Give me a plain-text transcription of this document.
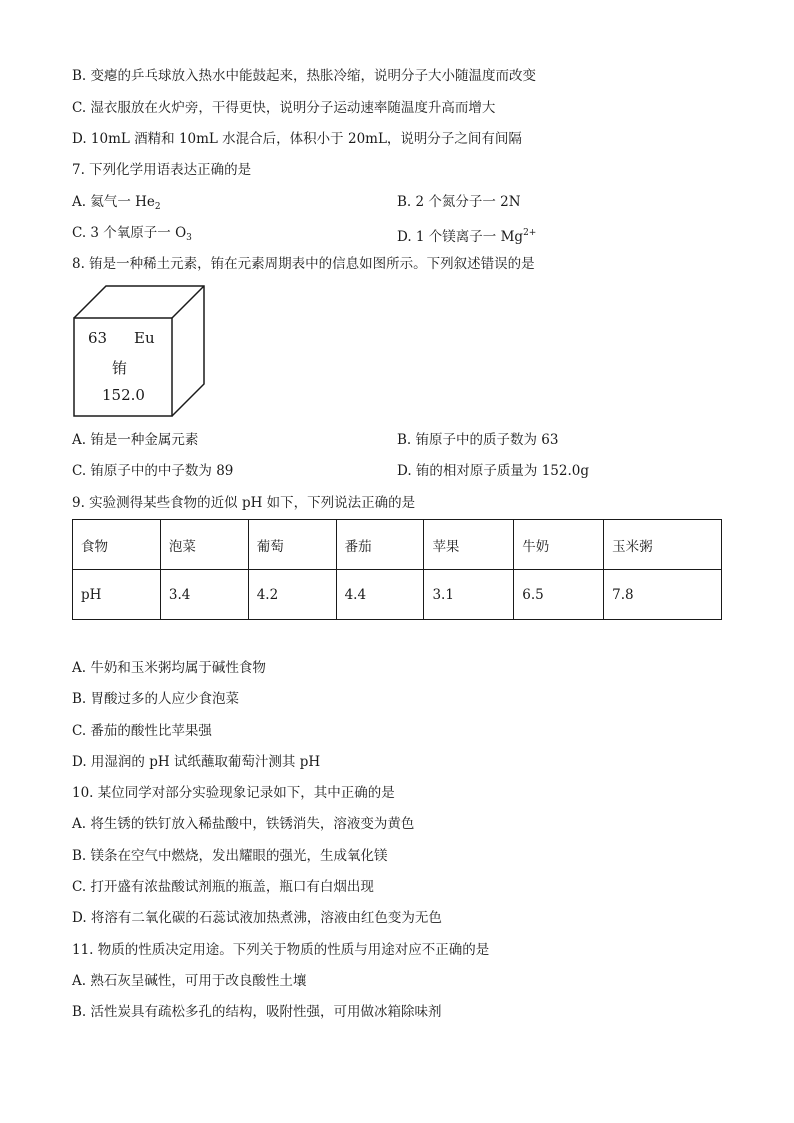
B. 变瘪的乒乓球放入热水中能鼓起来，热胀冷缩，说明分子大小随温度而改变
C. 湿衣服放在火炉旁，干得更快，说明分子运动速率随温度升高而增大
D. 10mL 酒精和 10mL 水混合后，体积小于 20mL，说明分子之间有间隔
7. 下列化学用语表达正确的是
A. 氦气一 $He_2$	B. 2 个氮分子一 2N
C. 3 个氧原子一 $O_3$	D. 1 个镁离子一 $Mg^{2+}$
8. 铕是一种稀土元素，铕在元素周期表中的信息如图所示。下列叙述错误的是
63 Eu
铕
152.0
A. 铕是一种金属元素	B. 铕原子中的质子数为 63
C. 铕原子中的中子数为 89	D. 铕的相对原子质量为 152.0g
9. 实验测得某些食物的近似 pH 如下，下列说法正确的是
食物	泡菜	葡萄	番茄	苹果	牛奶	玉米粥
pH	3.4	4.2	4.4	3.1	6.5	7.8
A. 牛奶和玉米粥均属于碱性食物
B. 胃酸过多的人应少食泡菜
C. 番茄的酸性比苹果强
D. 用湿润的 pH 试纸蘸取葡萄汁测其 pH
10. 某位同学对部分实验现象记录如下，其中正确的是
A. 将生锈的铁钉放入稀盐酸中，铁锈消失，溶液变为黄色
B. 镁条在空气中燃烧，发出耀眼的强光，生成氧化镁
C. 打开盛有浓盐酸试剂瓶的瓶盖，瓶口有白烟出现
D. 将溶有二氧化碳的石蕊试液加热煮沸，溶液由红色变为无色
11. 物质的性质决定用途。下列关于物质的性质与用途对应不正确的是
A. 熟石灰呈碱性，可用于改良酸性土壤
B. 活性炭具有疏松多孔的结构，吸附性强，可用做冰箱除味剂
